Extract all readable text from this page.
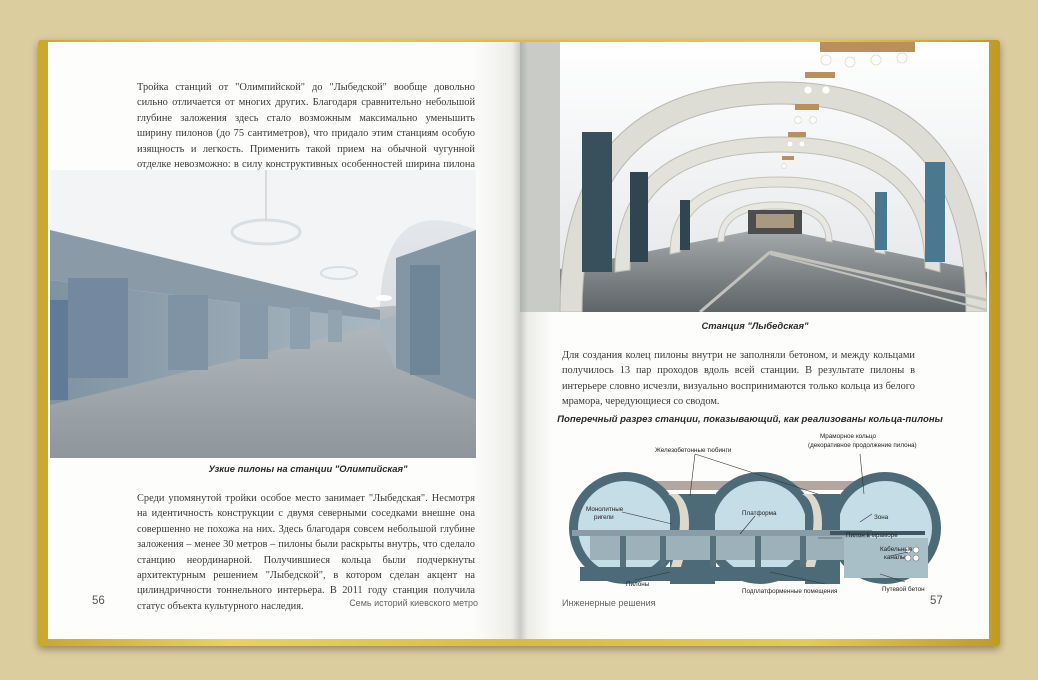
Тройка станций от "Олимпийской" до "Лыбедской" вообще довольно сильно отличается от многих других. Благодаря сравнительно небольшой глубине заложения здесь стало возможным максимально уменьшить ширину пилонов (до 75 сантиметров), что придало этим станциям особую изящность и легкость. Применить такой прием на обычной чугунной отделке невозможно: в силу конструктивных особенностей ширина пилона
Узкие пилоны на станции "Олимпийская"
Среди упомянутой тройки особое место занимает "Лыбедская". Несмотря на идентичность конструкции с двумя северными соседками внешне она совершенно не похожа на них. Здесь благодаря совсем небольшой глубине заложения – менее 30 метров – пилоны были раскрыты внутрь, что сделало станцию неординарной. Получившиеся кольца были подчеркнуты архитектурным решением "Лыбедской", в котором сделан акцент на цилиндричности тоннельного интерьера. В 2011 году станция получила статус объекта культурного наследия.
56	Семь историй киевского метро
Станция "Лыбедская"
Для создания колец пилоны внутри не заполняли бетоном, и между кольцами получилось 13 пар проходов вдоль всей станции. В результате пилоны в интерьере словно исчезли, визуально воспринимаются только кольца из белого мрамора, чередующиеся со сводом.
Поперечный разрез станции, показывающий, как реализованы кольца-пилоны
Железобетонные тюбинги
Мраморное кольцо
(декоративное продолжение пилона)
Монолитные
ригели
Платформа
Зона
Пилон в мраморе
Кабельные
каналы
Пилоны
Подплатформенные помещения	Путевой бетон
Инженерные решения	57
